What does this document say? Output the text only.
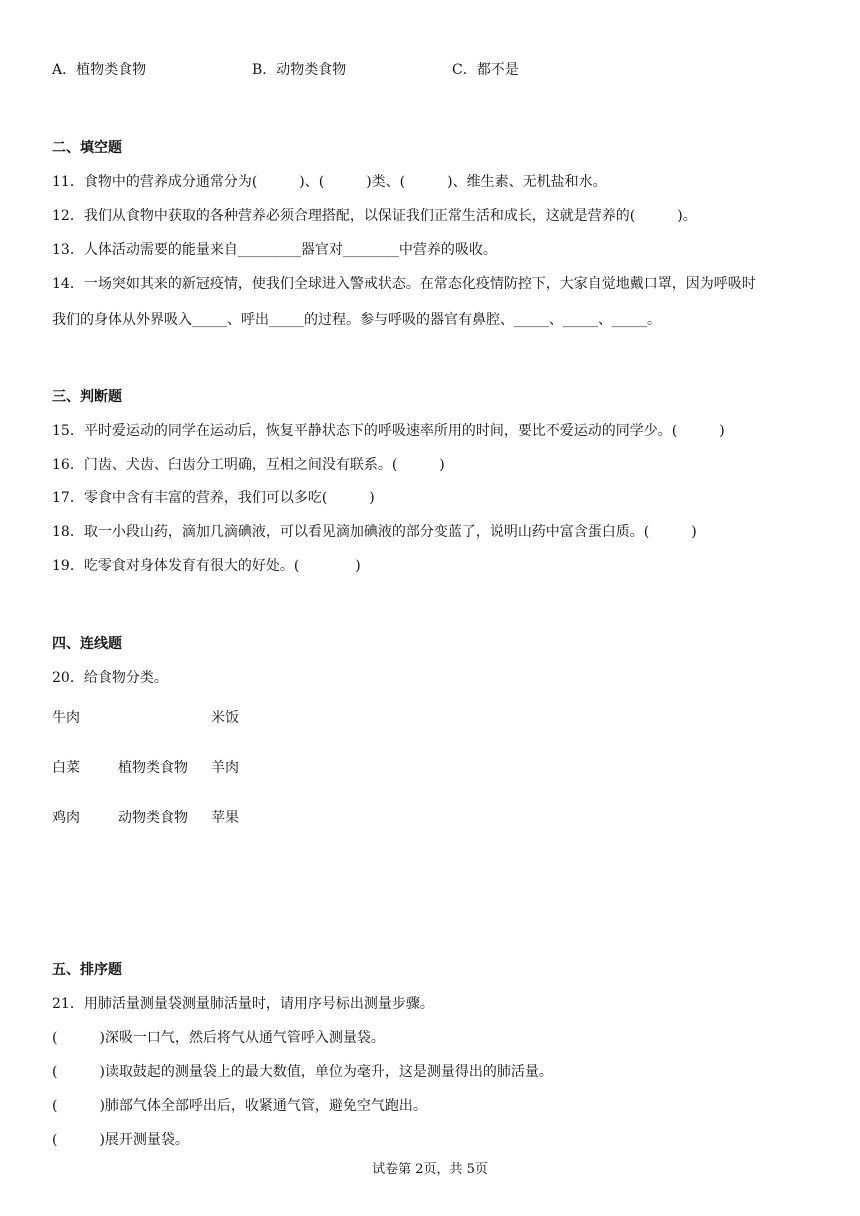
A．植物类食物	B．动物类食物	C．都不是
二、填空题
11．食物中的营养成分通常分为(　　　)、(　　　)类、(　　　)、维生素、无机盐和水。
12．我们从食物中获取的各种营养必须合理搭配，以保证我们正常生活和成长，这就是营养的(　　　)。
13．人体活动需要的能量来自_________器官对________中营养的吸收。
14．一场突如其来的新冠疫情，使我们全球进入警戒状态。在常态化疫情防控下，大家自觉地戴口罩，因为呼吸时
我们的身体从外界吸入_____、呼出_____的过程。参与呼吸的器官有鼻腔、_____、_____、_____。
三、判断题
15．平时爱运动的同学在运动后，恢复平静状态下的呼吸速率所用的时间，要比不爱运动的同学少。(　　　)
16．门齿、犬齿、臼齿分工明确，互相之间没有联系。(　　　)
17．零食中含有丰富的营养，我们可以多吃(　　　)
18．取一小段山药，滴加几滴碘液，可以看见滴加碘液的部分变蓝了，说明山药中富含蛋白质。(　　　)
19．吃零食对身体发育有很大的好处。(　　　　)
四、连线题
20．给食物分类。
牛肉
白菜
鸡肉
植物类食物
动物类食物
米饭
羊肉
苹果
五、排序题
21．用肺活量测量袋测量肺活量时，请用序号标出测量步骤。
(　　　)深吸一口气，然后将气从通气管呼入测量袋。
(　　　)读取鼓起的测量袋上的最大数值，单位为毫升，这是测量得出的肺活量。
(　　　)肺部气体全部呼出后，收紧通气管，避免空气跑出。
(　　　)展开测量袋。
试卷第 2页，共 5页
